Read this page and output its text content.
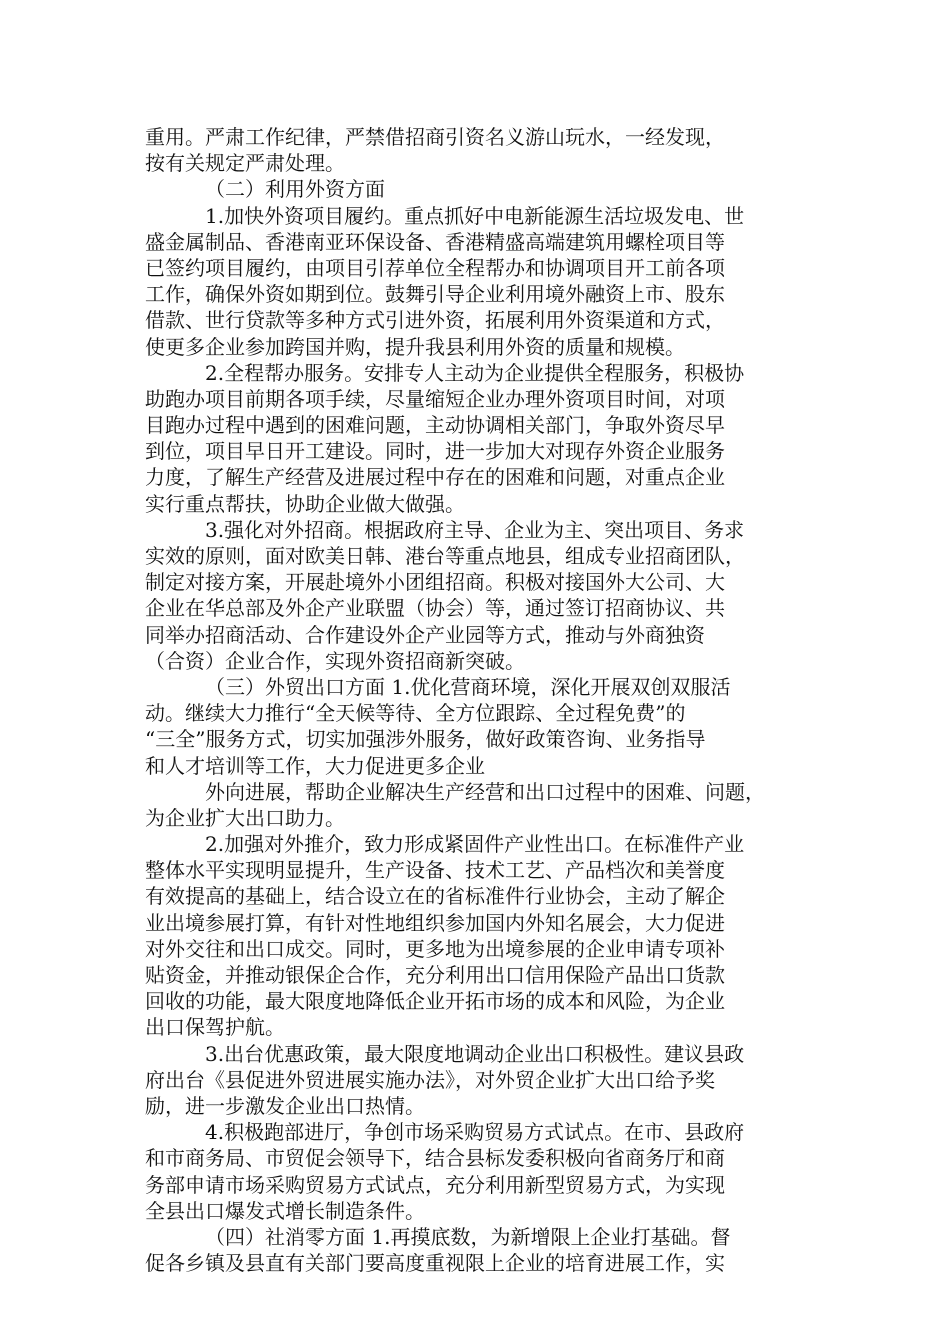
重用。严肃工作纪律，严禁借招商引资名义游山玩水，一经发现，
按有关规定严肃处理。
（二）利用外资方面
1.加快外资项目履约。重点抓好中电新能源生活垃圾发电、世
盛金属制品、香港南亚环保设备、香港精盛高端建筑用螺栓项目等
已签约项目履约，由项目引荐单位全程帮办和协调项目开工前各项
工作，确保外资如期到位。鼓舞引导企业利用境外融资上市、股东
借款、世行贷款等多种方式引进外资，拓展利用外资渠道和方式，
使更多企业参加跨国并购，提升我县利用外资的质量和规模。
2.全程帮办服务。安排专人主动为企业提供全程服务，积极协
助跑办项目前期各项手续，尽量缩短企业办理外资项目时间，对项
目跑办过程中遇到的困难问题，主动协调相关部门，争取外资尽早
到位，项目早日开工建设。同时，进一步加大对现存外资企业服务
力度，了解生产经营及进展过程中存在的困难和问题，对重点企业
实行重点帮扶，协助企业做大做强。
3.强化对外招商。根据政府主导、企业为主、突出项目、务求
实效的原则，面对欧美日韩、港台等重点地县，组成专业招商团队，
制定对接方案，开展赴境外小团组招商。积极对接国外大公司、大
企业在华总部及外企产业联盟（协会）等，通过签订招商协议、共
同举办招商活动、合作建设外企产业园等方式，推动与外商独资
（合资）企业合作，实现外资招商新突破。
（三）外贸出口方面 1.优化营商环境，深化开展双创双服活
动。继续大力推行“全天候等待、全方位跟踪、全过程免费”的
“三全”服务方式，切实加强涉外服务，做好政策咨询、业务指导
和人才培训等工作，大力促进更多企业
外向进展，帮助企业解决生产经营和出口过程中的困难、问题，
为企业扩大出口助力。
2.加强对外推介，致力形成紧固件产业性出口。在标准件产业
整体水平实现明显提升，生产设备、技术工艺、产品档次和美誉度
有效提高的基础上，结合设立在的省标准件行业协会，主动了解企
业出境参展打算，有针对性地组织参加国内外知名展会，大力促进
对外交往和出口成交。同时，更多地为出境参展的企业申请专项补
贴资金，并推动银保企合作，充分利用出口信用保险产品出口货款
回收的功能，最大限度地降低企业开拓市场的成本和风险，为企业
出口保驾护航。
3.出台优惠政策，最大限度地调动企业出口积极性。建议县政
府出台《县促进外贸进展实施办法》，对外贸企业扩大出口给予奖
励，进一步激发企业出口热情。
4.积极跑部进厅，争创市场采购贸易方式试点。在市、县政府
和市商务局、市贸促会领导下，结合县标发委积极向省商务厅和商
务部申请市场采购贸易方式试点，充分利用新型贸易方式，为实现
全县出口爆发式增长制造条件。
（四）社消零方面 1.再摸底数，为新增限上企业打基础。督
促各乡镇及县直有关部门要高度重视限上企业的培育进展工作，实
